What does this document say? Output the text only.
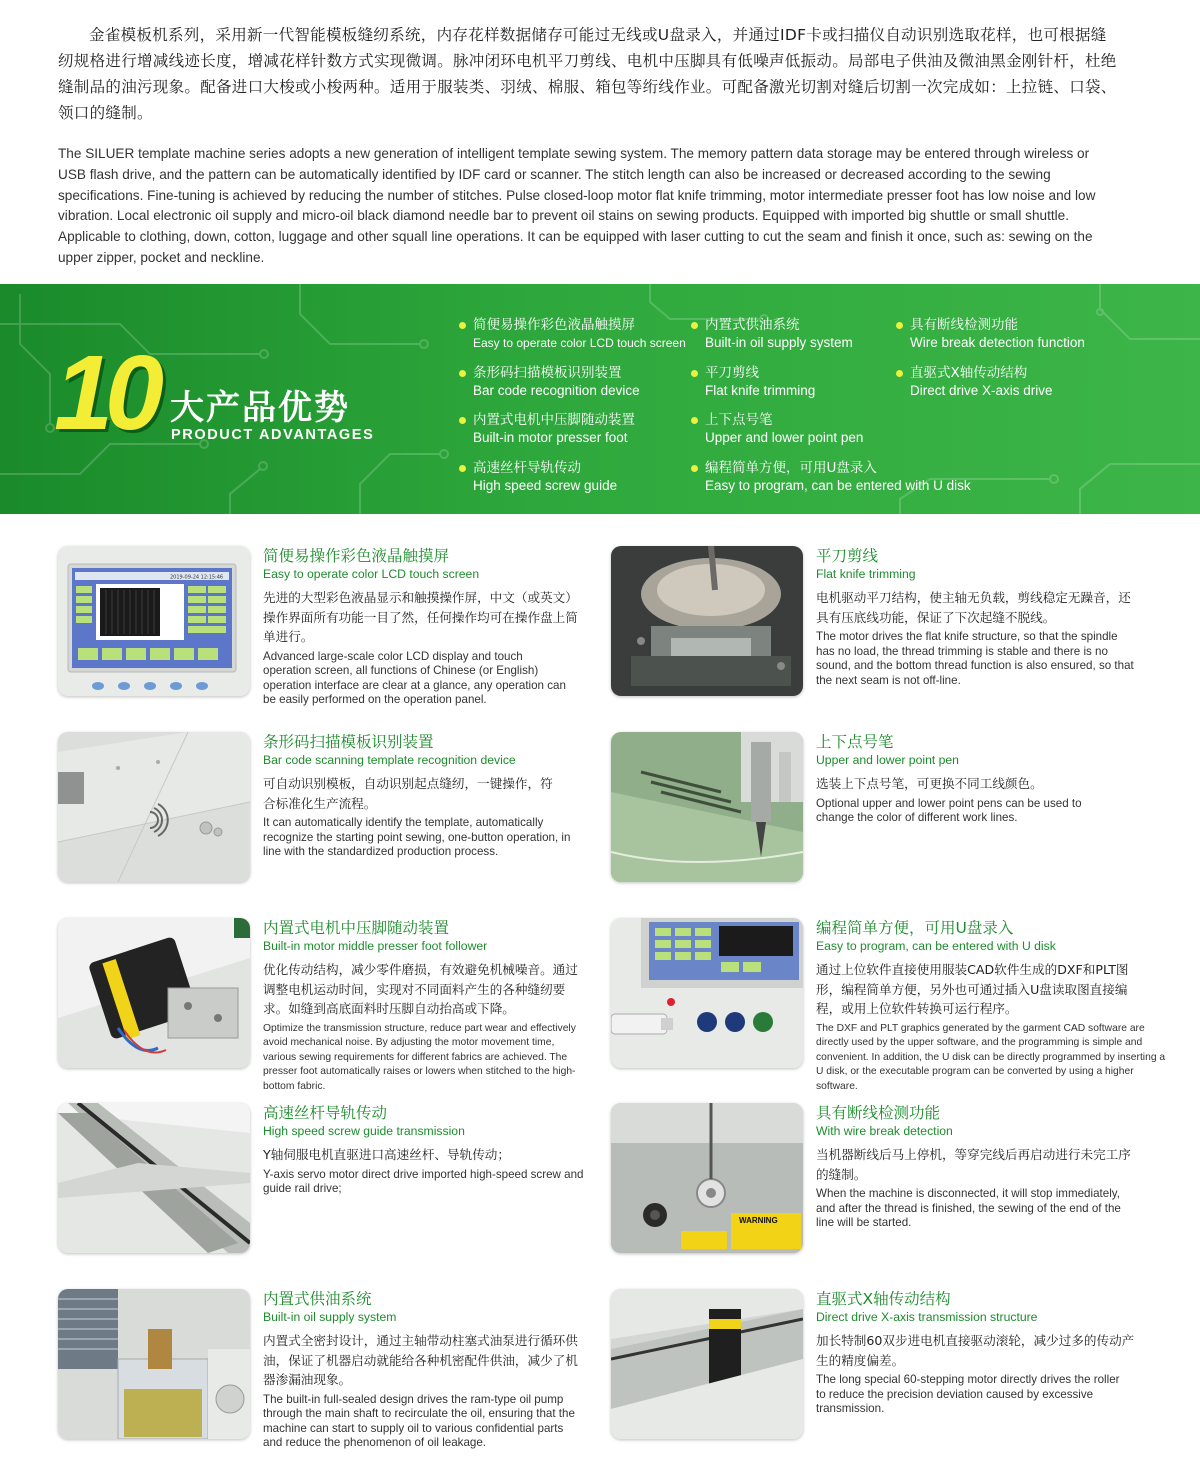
金雀模板机系列，采用新一代智能模板缝纫系统，内存花样数据储存可能过无线或U盘录入，并通过IDF卡或扫描仪自动识别选取花样，也可根据缝纫规格进行增减线迹长度，增减花样针数方式实现微调。脉冲闭环电机平刀剪线、电机中压脚具有低噪声低振动。局部电子供油及微油黑金刚针杆，杜绝缝制品的油污现象。配备进口大梭或小梭两种。适用于服装类、羽绒、棉服、箱包等绗线作业。可配备激光切割对缝后切割一次完成如：上拉链、口袋、领口的缝制。
The SILUER template machine series adopts a new generation of intelligent template sewing system. The memory pattern data storage may be entered through wireless or USB flash drive, and the pattern can be automatically identified by IDF card or scanner. The stitch length can also be increased or decreased according to the sewing specifications. Fine-tuning is achieved by reducing the number of stitches. Pulse closed-loop motor flat knife trimming, motor intermediate presser foot has low noise and low vibration. Local electronic oil supply and micro-oil black diamond needle bar to prevent oil stains on sewing products. Equipped with imported big shuttle or small shuttle. Applicable to clothing, down, cotton, luggage and other squall line operations. It can be equipped with laser cutting to cut the seam and finish it once, such as: sewing on the upper zipper, pocket and neckline.
10 大产品优势
PRODUCT ADVANTAGES
简便易操作彩色液晶触摸屏
Easy to operate color LCD touch screen
条形码扫描模板识别装置
Bar code recognition device
内置式电机中压脚随动装置
Built-in motor presser foot
高速丝杆导轨传动
High speed screw guide
内置式供油系统
Built-in oil supply system
平刀剪线
Flat knife trimming
上下点号笔
Upper and lower point pen
编程简单方便，可用U盘录入
Easy to program, can be entered with U disk
具有断线检测功能
Wire break detection function
直驱式X轴传动结构
Direct drive X-axis drive
2019-09-24 12:15:46
简便易操作彩色液晶触摸屏
Easy to operate color LCD touch screen
先进的大型彩色液晶显示和触摸操作屏，中文（或英文）操作界面所有功能一目了然，任何操作均可在操作盘上简单进行。
Advanced large-scale color LCD display and touch operation screen, all functions of Chinese (or English) operation interface are clear at a glance, any operation can be easily performed on the operation panel.
平刀剪线
Flat knife trimming
电机驱动平刀结构，使主轴无负载，剪线稳定无躁音，还具有压底线功能，保证了下次起缝不脱线。
The motor drives the flat knife structure, so that the spindle has no load, the thread trimming is stable and there is no sound, and the bottom thread function is also ensured, so that the next seam is not off-line.
条形码扫描模板识别装置
Bar code scanning template recognition device
可自动识别模板，自动识别起点缝纫，一键操作，符合标准化生产流程。
It can automatically identify the template, automatically recognize the starting point sewing, one-button operation, in line with the standardized production process.
上下点号笔
Upper and lower point pen
选装上下点号笔，可更换不同工线颜色。
Optional upper and lower point pens can be used to change the color of different work lines.
内置式电机中压脚随动装置
Built-in motor middle presser foot follower
优化传动结构，减少零件磨损，有效避免机械噪音。通过调整电机运动时间，实现对不同面料产生的各种缝纫要求。如缝到高底面料时压脚自动抬高或下降。
Optimize the transmission structure, reduce part wear and effectively avoid mechanical noise. By adjusting the motor movement time, various sewing requirements for different fabrics are achieved. The presser foot automatically raises or lowers when stitched to the high-bottom fabric.
编程简单方便，可用U盘录入
Easy to program, can be entered with U disk
通过上位软件直接使用服装CAD软件生成的DXF和PLT图形，编程简单方便，另外也可通过插入U盘读取图直接编程，或用上位软件转换可运行程序。
The DXF and PLT graphics generated by the garment CAD software are directly used by the upper software, and the programming is simple and convenient. In addition, the U disk can be directly programmed by inserting a U disk, or the executable program can be converted by using a higher software.
高速丝杆导轨传动
High speed screw guide transmission
Y轴伺服电机直驱进口高速丝杆、导轨传动；
Y-axis servo motor direct drive imported high-speed screw and guide rail drive;
WARNING
具有断线检测功能
With wire break detection
当机器断线后马上停机，等穿完线后再启动进行未完工序的缝制。
When the machine is disconnected, it will stop immediately, and after the thread is finished, the sewing of the end of the line will be started.
内置式供油系统
Built-in oil supply system
内置式全密封设计，通过主轴带动柱塞式油泵进行循环供油，保证了机器启动就能给各种机密配件供油，减少了机器渗漏油现象。
The built-in full-sealed design drives the ram-type oil pump through the main shaft to recirculate the oil, ensuring that the machine can start to supply oil to various confidential parts and reduce the phenomenon of oil leakage.
直驱式X轴传动结构
Direct drive X-axis transmission structure
加长特制60双步进电机直接驱动滚轮，减少过多的传动产生的精度偏差。
The long special 60-stepping motor directly drives the roller to reduce the precision deviation caused by excessive transmission.
